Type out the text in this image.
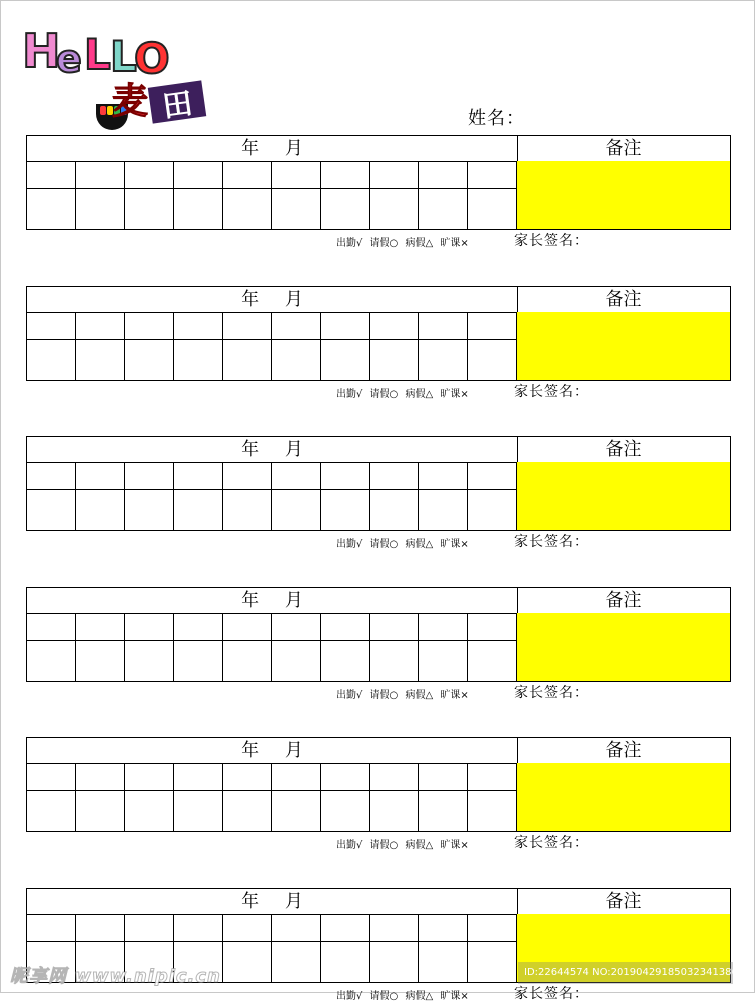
H
e L L
O
麦 田	姓名：
年 月	备注
出勤√ 请假○ 病假△ 旷课×	家长签名：
年 月	备注
出勤√ 请假○ 病假△ 旷课×	家长签名：
年 月	备注
出勤√ 请假○ 病假△ 旷课×	家长签名：
年 月	备注
出勤√ 请假○ 病假△ 旷课×	家长签名：
年 月	备注
出勤√ 请假○ 病假△ 旷课×	家长签名：
年 月	备注
出勤√ 请假○ 病假△ 旷课×	家长签名：
昵享网 www.nipic.cn	ID:22644574 NO:20190429185032341386
